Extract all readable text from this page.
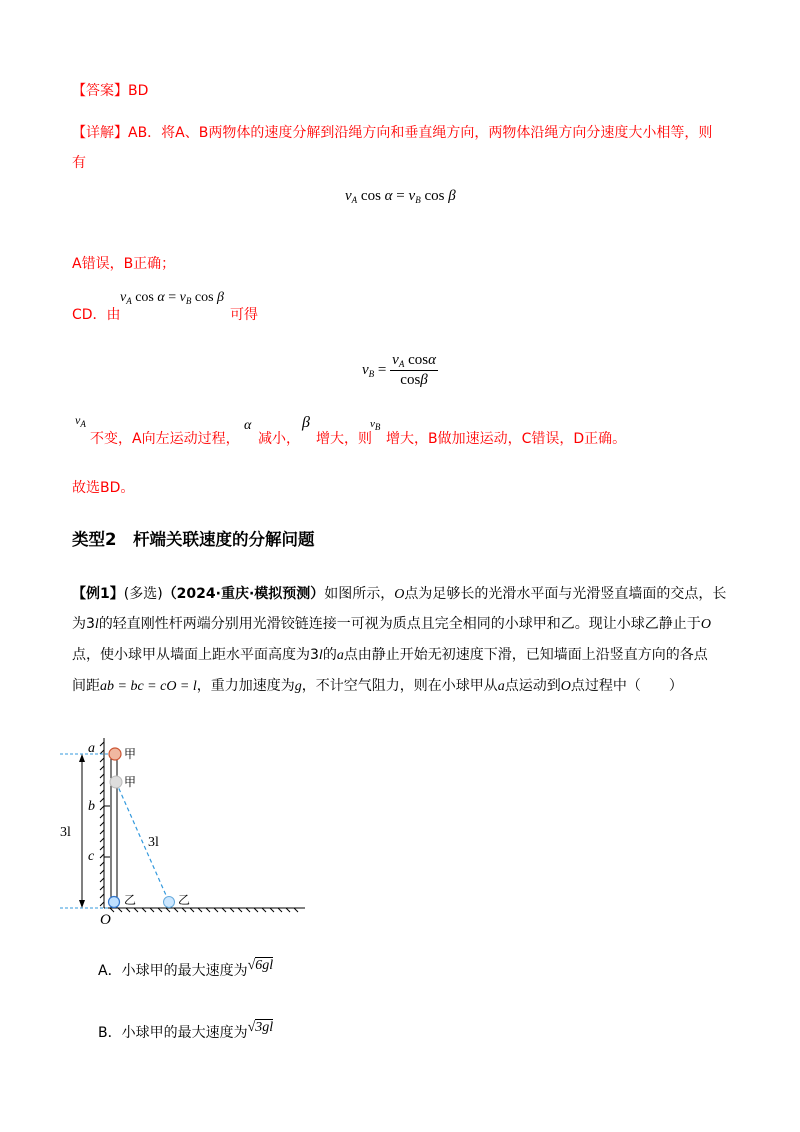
【答案】BD
【详解】AB．将A、B两物体的速度分解到沿绳方向和垂直绳方向，两物体沿绳方向分速度大小相等，则
有
$v_A$ $\cos \alpha = v_B$ cos β
A错误，B正确；
CD．由
$v_A$ $\cos \alpha = v_B$ cos β
可得
$v_B = \frac{v_A \cos\alpha}{\cos\beta}$
$v_A$
不变，A向左运动过程，
α
减小，
β
增大，则
$v_B$
增大，B做加速运动，C错误，D正确。
故选BD。
类型2　杆端关联速度的分解问题
【例1】(多选)（2024·重庆·模拟预测）如图所示，O点为足够长的光滑水平面与光滑竖直墙面的交点，长
为3l的轻直刚性杆两端分别用光滑铰链连接一可视为质点且完全相同的小球甲和乙。现让小球乙静止于O
点，使小球甲从墙面上距水平面高度为3l的a点由静止开始无初速度下滑，已知墙面上沿竖直方向的各点
间距ab = bc = cO = l，重力加速度为g，不计空气阻力，则在小球甲从a点运动到O点过程中（　　）
a
b
c
O
3l
3l
甲
甲
乙	乙
A．小球甲的最大速度为√6gl
B．小球甲的最大速度为√3gl
